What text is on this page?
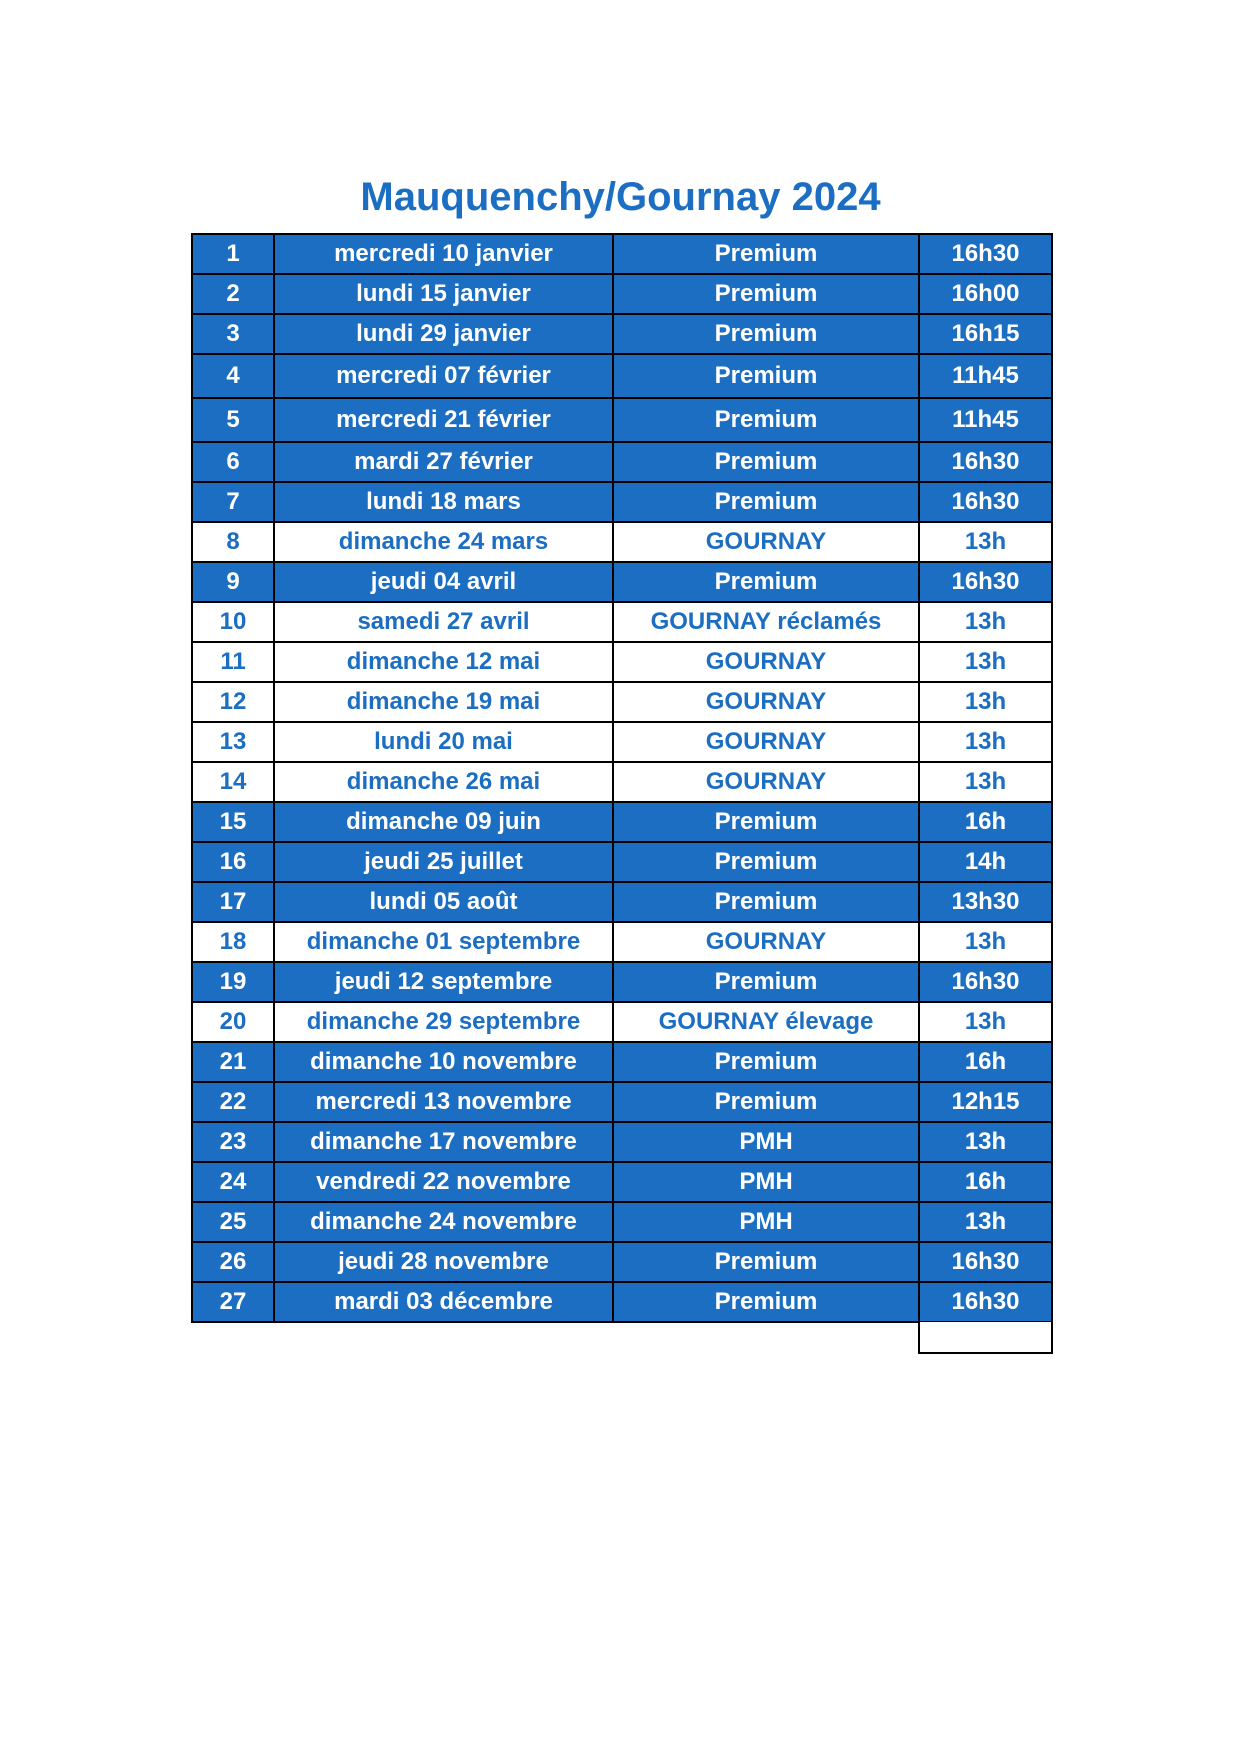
Mauquenchy/Gournay 2024
1	mercredi 10 janvier	Premium	16h30
2	lundi 15 janvier	Premium	16h00
3	lundi 29 janvier	Premium	16h15
4	mercredi 07 février	Premium	11h45
5	mercredi 21 février	Premium	11h45
6	mardi 27 février	Premium	16h30
7	lundi 18 mars	Premium	16h30
8	dimanche 24 mars	GOURNAY	13h
9	jeudi 04 avril	Premium	16h30
10	samedi 27 avril	GOURNAY réclamés	13h
11	dimanche 12 mai	GOURNAY	13h
12	dimanche 19 mai	GOURNAY	13h
13	lundi 20 mai	GOURNAY	13h
14	dimanche 26 mai	GOURNAY	13h
15	dimanche 09 juin	Premium	16h
16	jeudi 25 juillet	Premium	14h
17	lundi 05 août	Premium	13h30
18	dimanche 01 septembre	GOURNAY	13h
19	jeudi 12 septembre	Premium	16h30
20	dimanche 29 septembre	GOURNAY élevage	13h
21	dimanche 10 novembre	Premium	16h
22	mercredi 13 novembre	Premium	12h15
23	dimanche 17 novembre	PMH	13h
24	vendredi 22 novembre	PMH	16h
25	dimanche 24 novembre	PMH	13h
26	jeudi 28 novembre	Premium	16h30
27	mardi 03 décembre	Premium	16h30
